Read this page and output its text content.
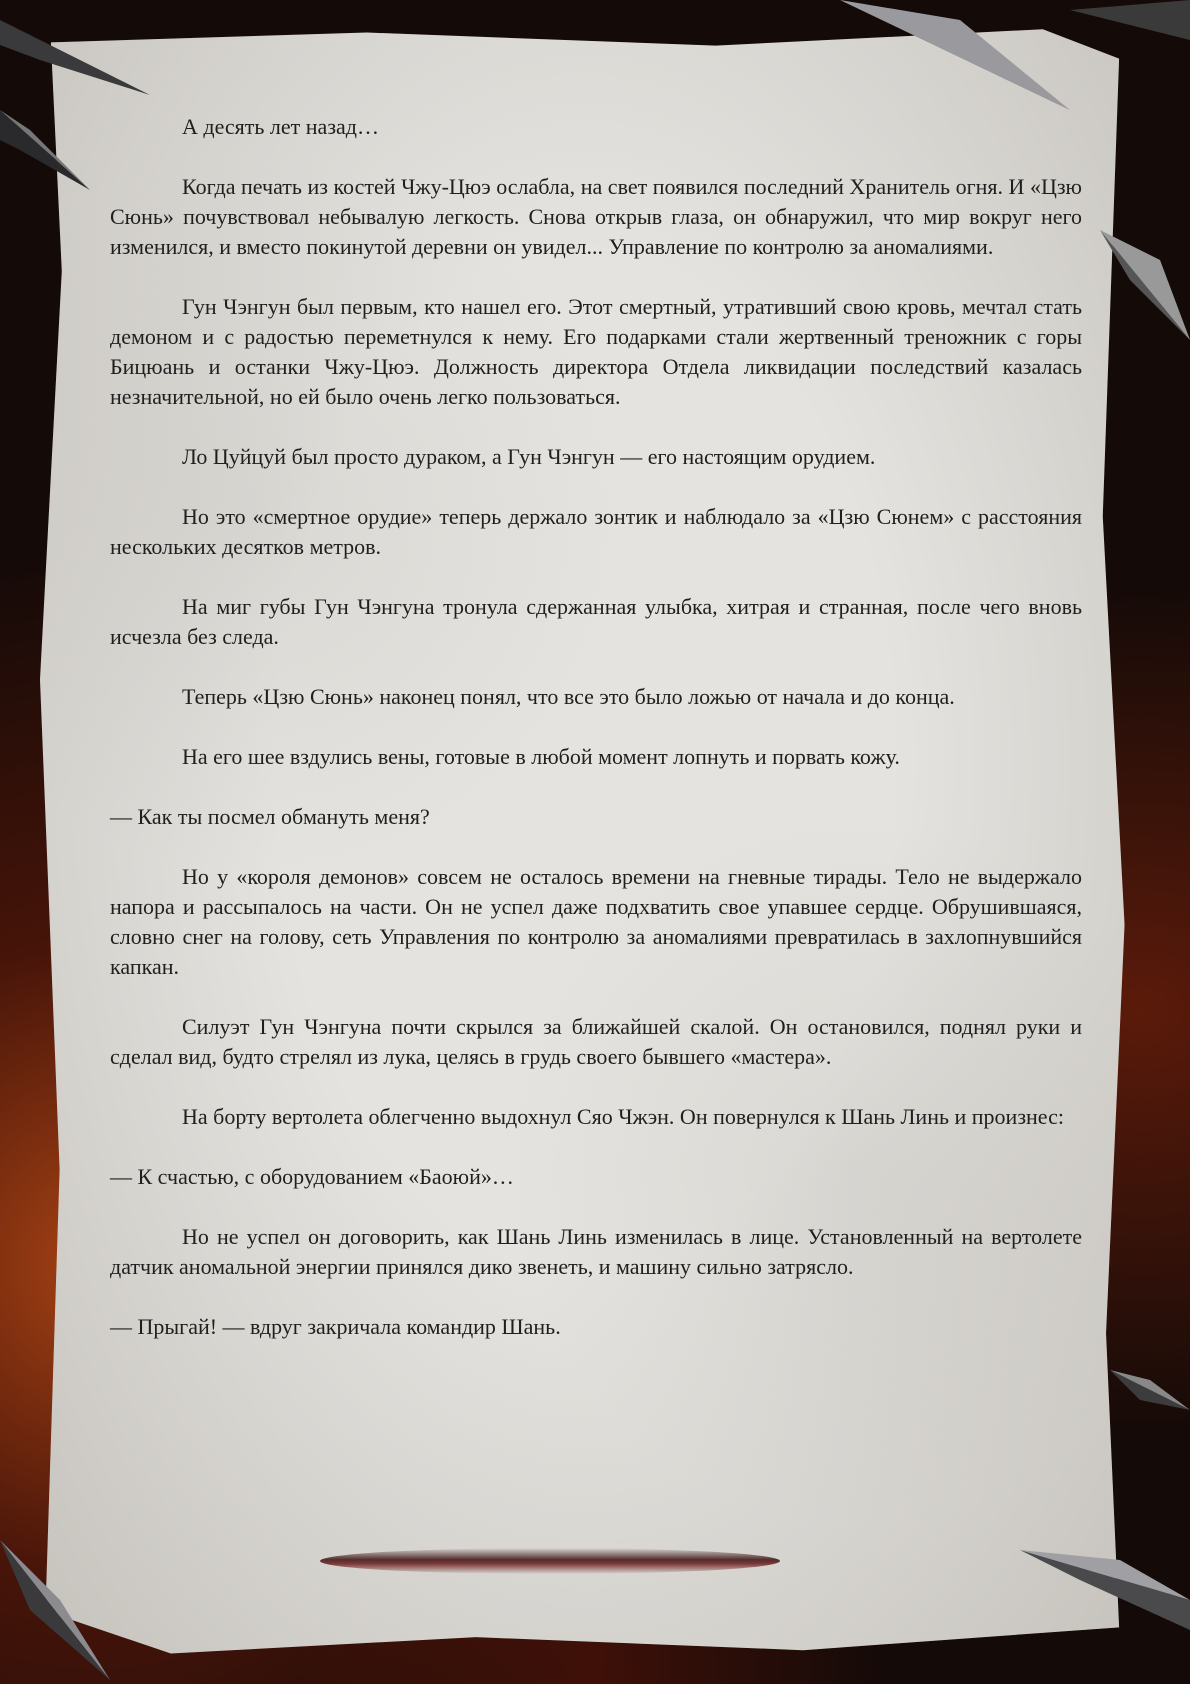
А десять лет назад…

Когда печать из костей Чжу-Цюэ ослабла, на свет появился последний Хранитель огня. И «Цзю Сюнь» почувствовал небывалую легкость. Снова открыв глаза, он обнаружил, что мир вокруг него изменился, и вместо покинутой деревни он увидел... Управление по контролю за аномалиями.

Гун Чэнгун был первым, кто нашел его. Этот смертный, утративший свою кровь, мечтал стать демоном и с радостью переметнулся к нему. Его подарками стали жертвенный треножник с горы Бицюань и останки Чжу-Цюэ. Должность директора Отдела ликвидации последствий казалась незначительной, но ей было очень легко пользоваться.

Ло Цуйцуй был просто дураком, а Гун Чэнгун — его настоящим орудием.

Но это «смертное орудие» теперь держало зонтик и наблюдало за «Цзю Сюнем» с расстояния нескольких десятков метров.

На миг губы Гун Чэнгуна тронула сдержанная улыбка, хитрая и странная, после чего вновь исчезла без следа.

Теперь «Цзю Сюнь» наконец понял, что все это было ложью от начала и до конца.

На его шее вздулись вены, готовые в любой момент лопнуть и порвать кожу.

— Как ты посмел обмануть меня?

Но у «короля демонов» совсем не осталось времени на гневные тирады. Тело не выдержало напора и рассыпалось на части. Он не успел даже подхватить свое упавшее сердце. Обрушившаяся, словно снег на голову, сеть Управления по контролю за аномалиями превратилась в захлопнувшийся капкан.

Силуэт Гун Чэнгуна почти скрылся за ближайшей скалой. Он остановился, поднял руки и сделал вид, будто стрелял из лука, целясь в грудь своего бывшего «мастера».

На борту вертолета облегченно выдохнул Сяо Чжэн. Он повернулся к Шань Линь и произнес:

— К счастью, с оборудованием «Баоюй»…

Но не успел он договорить, как Шань Линь изменилась в лице. Установленный на вертолете датчик аномальной энергии принялся дико звенеть, и машину сильно затрясло.

— Прыгай! — вдруг закричала командир Шань.
